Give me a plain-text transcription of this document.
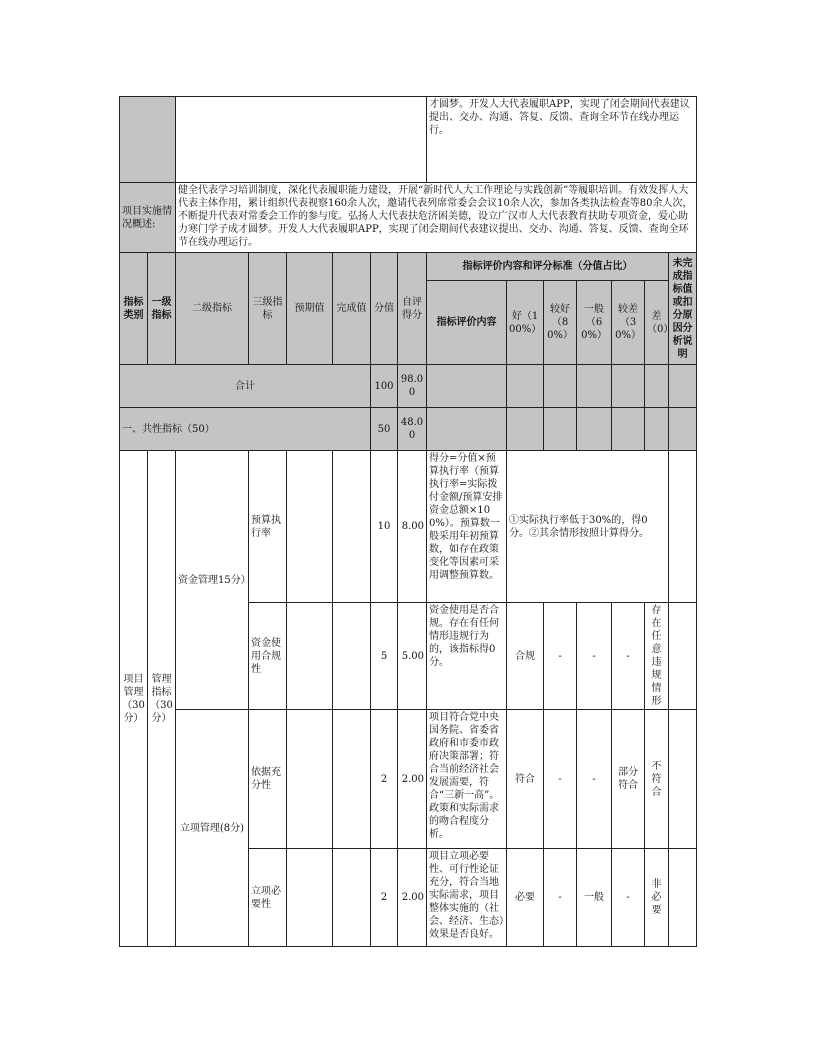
								才圆梦。开发人大代表履职APP，实现了闭会期间代表建议提出、交办、沟通、答复、反馈、查询全环节在线办理运行。						
项目实施情况概述:		健全代表学习培训制度，深化代表履职能力建设，开展“新时代人大工作理论与实践创新”等履职培训。有效发挥人大代表主体作用，累计组织代表视察160余人次，邀请代表列席常委会会议10余人次，参加各类执法检查等80余人次，不断提升代表对常委会工作的参与度。弘扬人大代表扶危济困美德，设立广汉市人大代表教育扶助专项资金，爱心助力寒门学子成才圆梦。开发人大代表履职APP，实现了闭会期间代表建议提出、交办、沟通、答复、反馈、查询全环节在线办理运行。												
指标类别	一级指标	二级指标	三级指标	预期值	完成值	分值	自评得分	指标评价内容和评分标准（分值占比）						未完成指标值或扣分原因分析说明
								指标评价内容	好（100%）	较好（80%）	一般（60%）	较差（30%）	差（0）	
合计						100	98.00							
一、共性指标（50）						50	48.00							
项目管理（30分）	管理指标（30分）	资金管理15分）	预算执行率			10	8.00	得分=分值×预算执行率（预算执行率=实际拨付金额/预算安排资金总额×100%）。预算数一般采用年初预算数，如存在政策变化等因素可采用调整预算数。	①实际执行率低于30%的，得0分。②其余情形按照计算得分。					
			资金使用合规性			5	5.00	资金使用是否合规。存在有任何情形违规行为的，该指标得0分。	合规	-	-	-	存在任意违规情形	
		立项管理(8分)	依据充分性			2	2.00	项目符合党中央国务院、省委省政府和市委市政府决策部署；符合当前经济社会发展需要，符合“三新一高”。政策和实际需求的吻合程度分析。	符合	-	-	部分符合	不符合	
			立项必要性			2	2.00	项目立项必要性、可行性论证充分，符合当地实际需求，项目整体实施的（社会、经济、生态）效果是否良好。	必要	-	一般	-	非必要	
